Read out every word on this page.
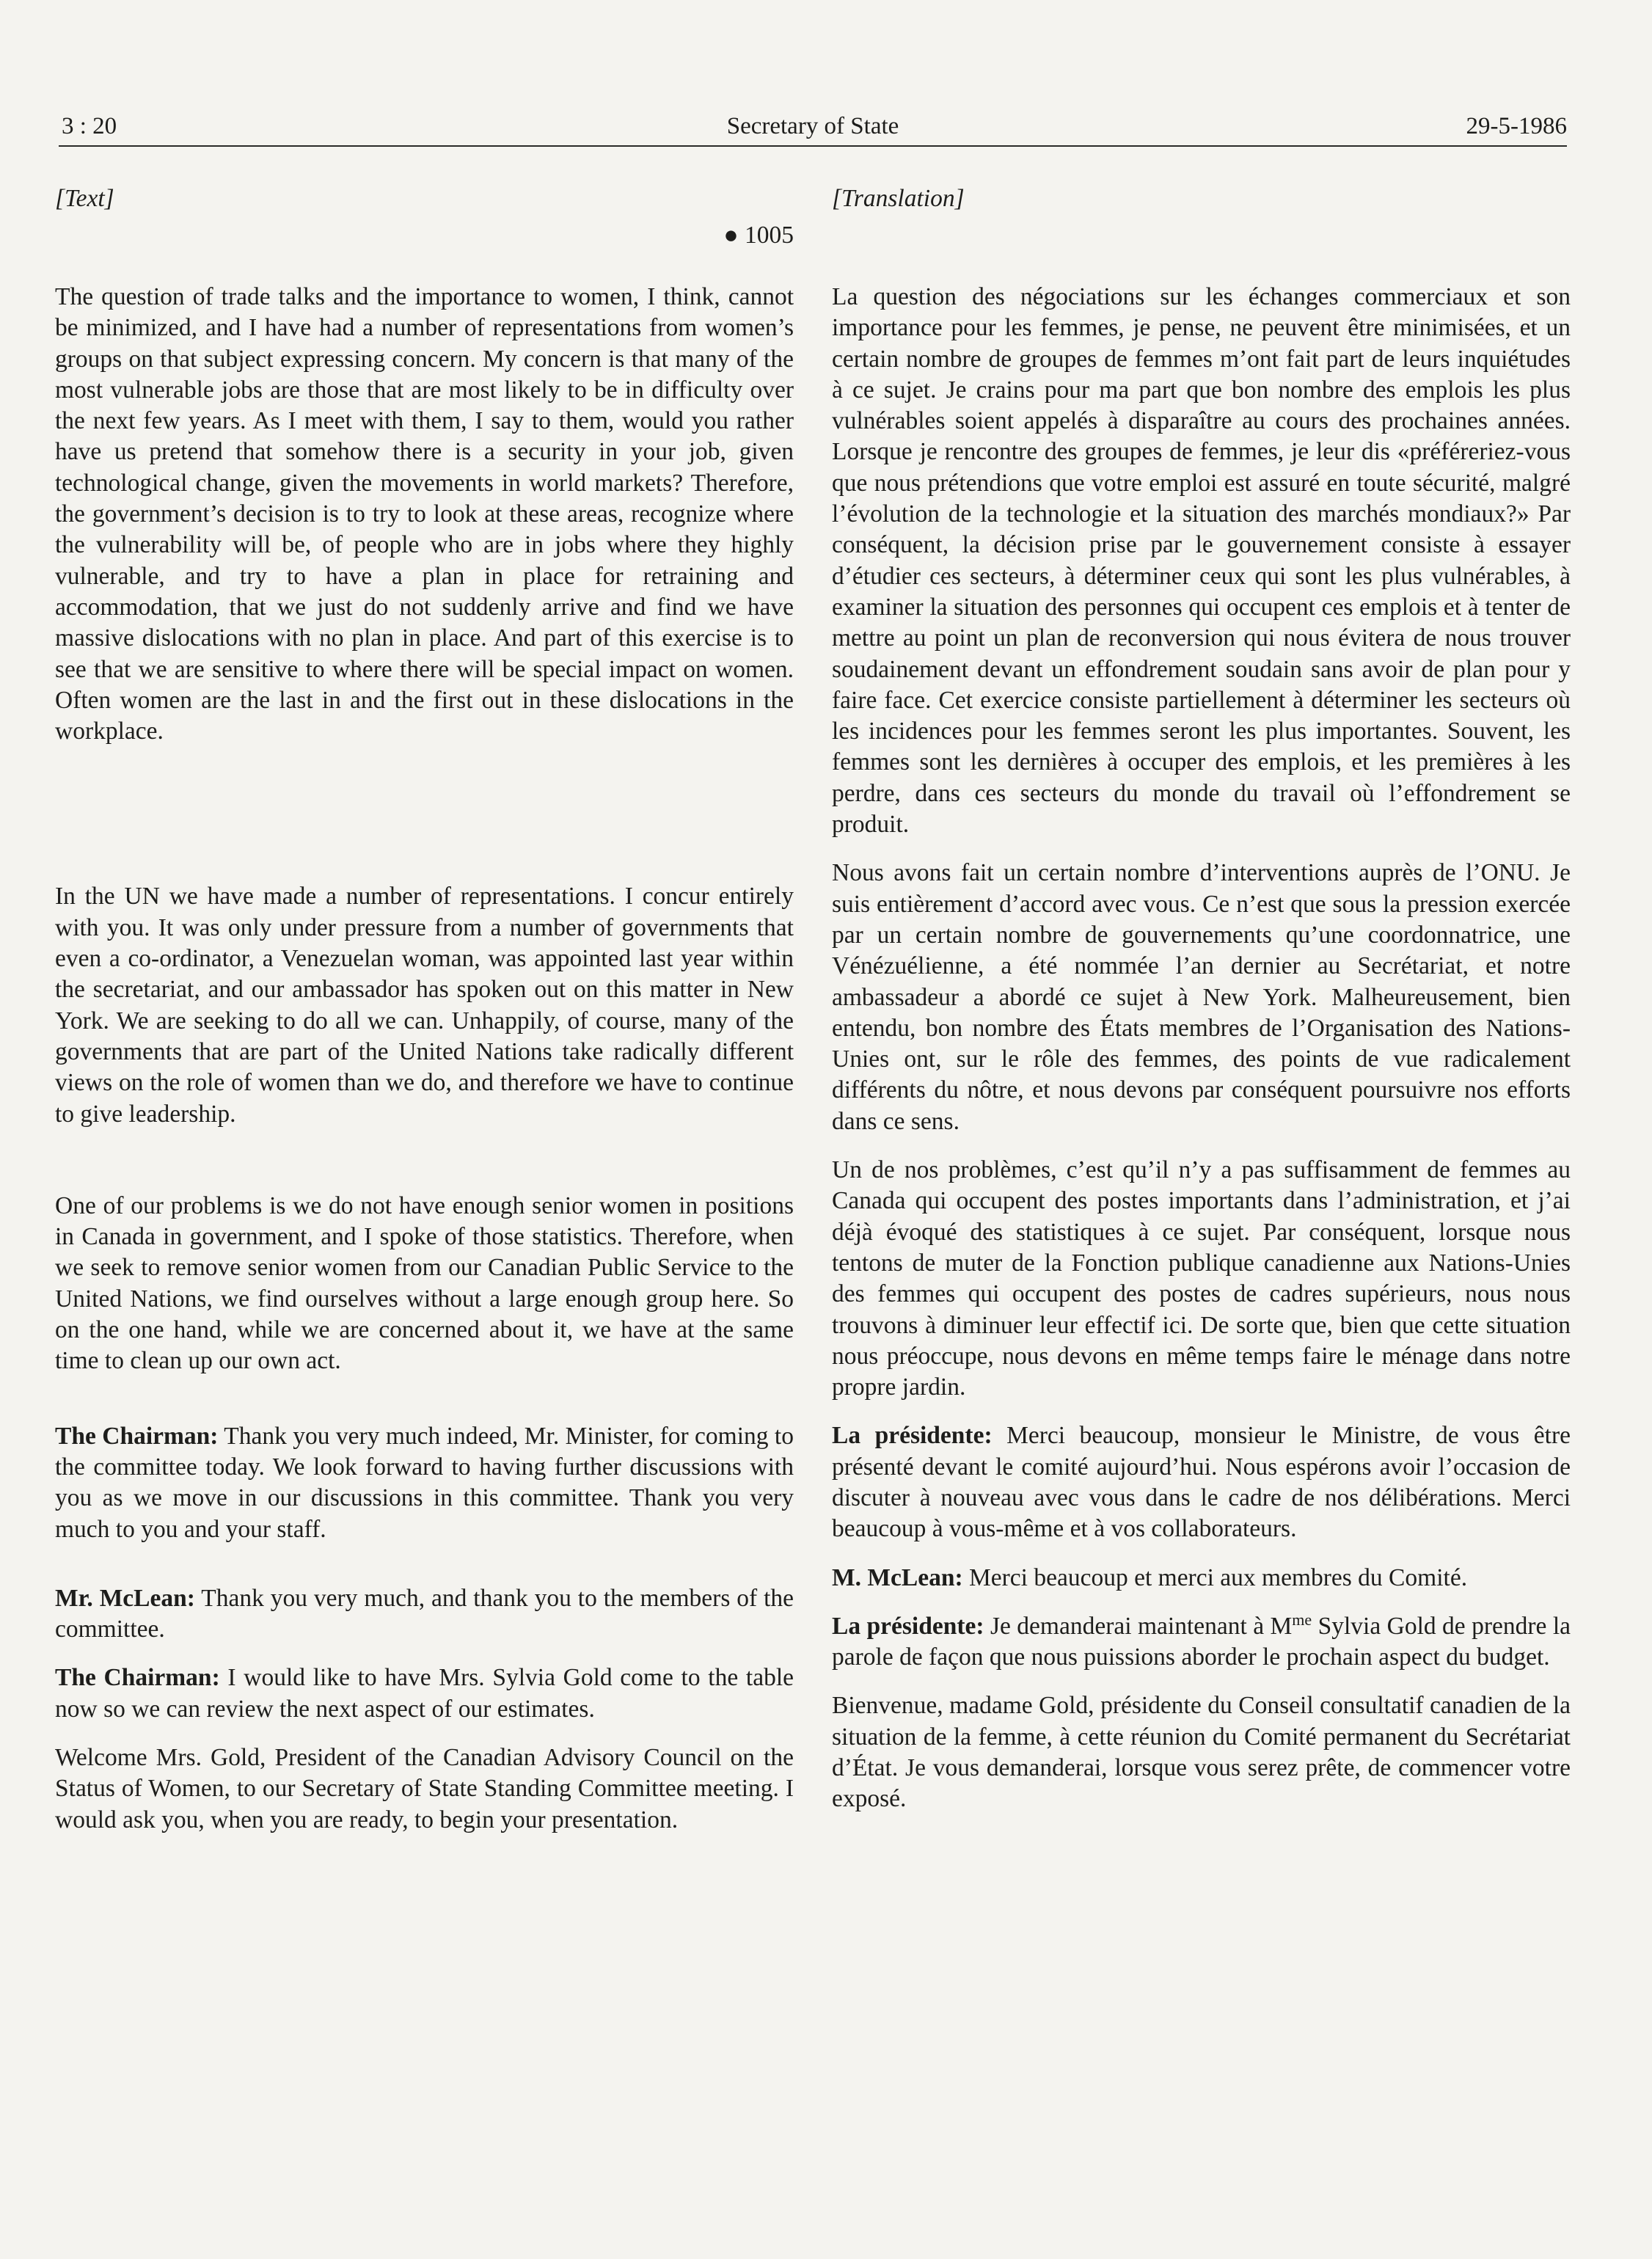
3 : 20	Secretary of State	29-5-1986
[Text]
● 1005

The question of trade talks and the importance to women, I think, cannot be minimized, and I have had a number of representations from women’s groups on that subject expressing concern. My concern is that many of the most vulnerable jobs are those that are most likely to be in difficulty over the next few years. As I meet with them, I say to them, would you rather have us pretend that somehow there is a security in your job, given technological change, given the movements in world markets? Therefore, the government’s decision is to try to look at these areas, recognize where the vulnerability will be, of people who are in jobs where they highly vulnerable, and try to have a plan in place for retraining and accommodation, that we just do not suddenly arrive and find we have massive dislocations with no plan in place. And part of this exercise is to see that we are sensitive to where there will be special impact on women. Often women are the last in and the first out in these dislocations in the workplace.

In the UN we have made a number of representations. I concur entirely with you. It was only under pressure from a number of governments that even a co-ordinator, a Venezuelan woman, was appointed last year within the secretariat, and our ambassador has spoken out on this matter in New York. We are seeking to do all we can. Unhappily, of course, many of the governments that are part of the United Nations take radically different views on the role of women than we do, and therefore we have to continue to give leadership.

One of our problems is we do not have enough senior women in positions in Canada in government, and I spoke of those statistics. Therefore, when we seek to remove senior women from our Canadian Public Service to the United Nations, we find ourselves without a large enough group here. So on the one hand, while we are concerned about it, we have at the same time to clean up our own act.

The Chairman: Thank you very much indeed, Mr. Minister, for coming to the committee today. We look forward to having further discussions with you as we move in our discussions in this committee. Thank you very much to you and your staff.

Mr. McLean: Thank you very much, and thank you to the members of the committee.

The Chairman: I would like to have Mrs. Sylvia Gold come to the table now so we can review the next aspect of our estimates.

Welcome Mrs. Gold, President of the Canadian Advisory Council on the Status of Women, to our Secretary of State Standing Committee meeting. I would ask you, when you are ready, to begin your presentation.

[Translation]

La question des négociations sur les échanges commerciaux et son importance pour les femmes, je pense, ne peuvent être minimisées, et un certain nombre de groupes de femmes m’ont fait part de leurs inquiétudes à ce sujet. Je crains pour ma part que bon nombre des emplois les plus vulnérables soient appelés à disparaître au cours des prochaines années. Lorsque je rencontre des groupes de femmes, je leur dis «préféreriez-vous que nous prétendions que votre emploi est assuré en toute sécurité, malgré l’évolution de la technologie et la situation des marchés mondiaux?» Par conséquent, la décision prise par le gouvernement consiste à essayer d’étudier ces secteurs, à déterminer ceux qui sont les plus vulnérables, à examiner la situation des personnes qui occupent ces emplois et à tenter de mettre au point un plan de reconversion qui nous évitera de nous trouver soudainement devant un effondrement soudain sans avoir de plan pour y faire face. Cet exercice consiste partiellement à déterminer les secteurs où les incidences pour les femmes seront les plus importantes. Souvent, les femmes sont les dernières à occuper des emplois, et les premières à les perdre, dans ces secteurs du monde du travail où l’effondrement se produit.

Nous avons fait un certain nombre d’interventions auprès de l’ONU. Je suis entièrement d’accord avec vous. Ce n’est que sous la pression exercée par un certain nombre de gouvernements qu’une coordonnatrice, une Vénézuélienne, a été nommée l’an dernier au Secrétariat, et notre ambassadeur a abordé ce sujet à New York. Malheureusement, bien entendu, bon nombre des États membres de l’Organisation des Nations-Unies ont, sur le rôle des femmes, des points de vue radicalement différents du nôtre, et nous devons par conséquent poursuivre nos efforts dans ce sens.

Un de nos problèmes, c’est qu’il n’y a pas suffisamment de femmes au Canada qui occupent des postes importants dans l’administration, et j’ai déjà évoqué des statistiques à ce sujet. Par conséquent, lorsque nous tentons de muter de la Fonction publique canadienne aux Nations-Unies des femmes qui occupent des postes de cadres supérieurs, nous nous trouvons à diminuer leur effectif ici. De sorte que, bien que cette situation nous préoccupe, nous devons en même temps faire le ménage dans notre propre jardin.

La présidente: Merci beaucoup, monsieur le Ministre, de vous être présenté devant le comité aujourd’hui. Nous espérons avoir l’occasion de discuter à nouveau avec vous dans le cadre de nos délibérations. Merci beaucoup à vous-même et à vos collaborateurs.

M. McLean: Merci beaucoup et merci aux membres du Comité.

La présidente: Je demanderai maintenant à $M^{me}$ Sylvia Gold de prendre la parole de façon que nous puissions aborder le prochain aspect du budget.

Bienvenue, madame Gold, présidente du Conseil consultatif canadien de la situation de la femme, à cette réunion du Comité permanent du Secrétariat d’État. Je vous demanderai, lorsque vous serez prête, de commencer votre exposé.
